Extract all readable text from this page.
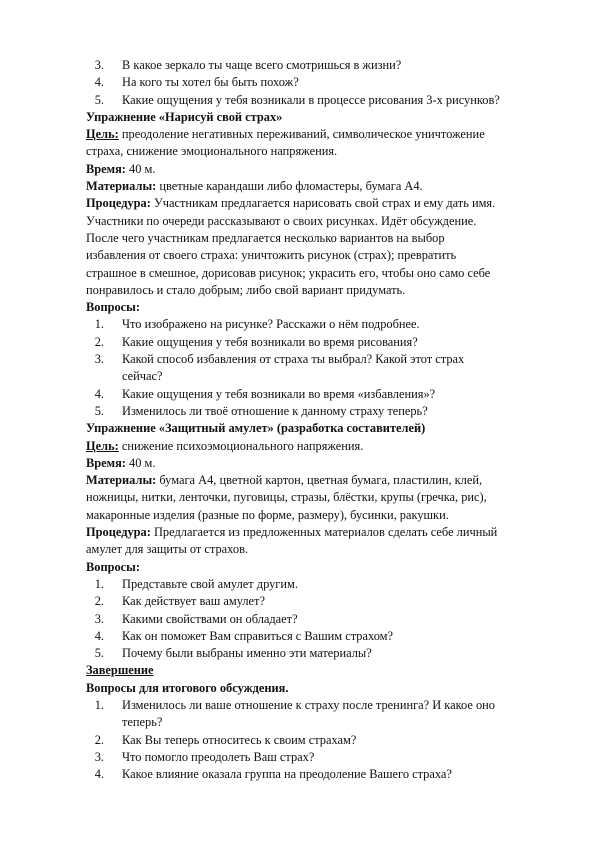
3. В какое зеркало ты чаще всего смотришься в жизни?
4. На кого ты хотел бы быть похож?
5. Какие ощущения у тебя возникали в процессе рисования 3-х рисунков?
Упражнение «Нарисуй свой страх»
Цель: преодоление негативных переживаний, символическое уничтожение
страха, снижение эмоционального напряжения.
Время: 40 м.
Материалы: цветные карандаши либо фломастеры, бумага А4.
Процедура: Участникам предлагается нарисовать свой страх и ему дать имя.
Участники по очереди рассказывают о своих рисунках. Идёт обсуждение.
После чего участникам предлагается несколько вариантов на выбор
избавления от своего страха: уничтожить рисунок (страх); превратить
страшное в смешное, дорисовав рисунок; украсить его, чтобы оно само себе
понравилось и стало добрым; либо свой вариант придумать.
Вопросы:
1. Что изображено на рисунке? Расскажи о нём подробнее.
2. Какие ощущения у тебя возникали во время рисования?
3. Какой способ избавления от страха ты выбрал? Какой этот страх
сейчас?
4. Какие ощущения у тебя возникали во время «избавления»?
5. Изменилось ли твоё отношение к данному страху теперь?
Упражнение «Защитный амулет» (разработка составителей)
Цель: снижение психоэмоционального напряжения.
Время: 40 м.
Материалы: бумага А4, цветной картон, цветная бумага, пластилин, клей,
ножницы, нитки, ленточки, пуговицы, стразы, блёстки, крупы (гречка, рис),
макаронные изделия (разные по форме, размеру), бусинки, ракушки.
Процедура: Предлагается из предложенных материалов сделать себе личный
амулет для защиты от страхов.
Вопросы:
1. Представьте свой амулет другим.
2. Как действует ваш амулет?
3. Какими свойствами он обладает?
4. Как он поможет Вам справиться с Вашим страхом?
5. Почему были выбраны именно эти материалы?
Завершение
Вопросы для итогового обсуждения.
1. Изменилось ли ваше отношение к страху после тренинга? И какое оно
теперь?
2. Как Вы теперь относитесь к своим страхам?
3. Что помогло преодолеть Ваш страх?
4. Какое влияние оказала группа на преодоление Вашего страха?
